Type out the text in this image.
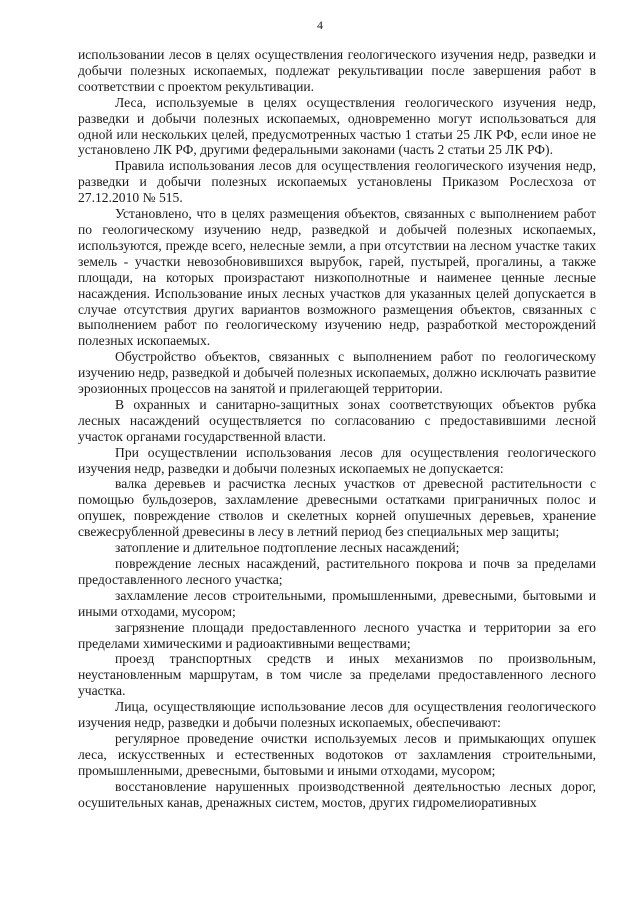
4

использовании лесов в целях осуществления геологического изучения недр, разведки и добычи полезных ископаемых, подлежат рекультивации после завершения работ в соответствии с проектом рекультивации.

Леса, используемые в целях осуществления геологического изучения недр, разведки и добычи полезных ископаемых, одновременно могут использоваться для одной или нескольких целей, предусмотренных частью 1 статьи 25 ЛК РФ, если иное не установлено ЛК РФ, другими федеральными законами (часть 2 статьи 25 ЛК РФ).

Правила использования лесов для осуществления геологического изучения недр, разведки и добычи полезных ископаемых установлены Приказом Рослесхоза от 27.12.2010 № 515.

Установлено, что в целях размещения объектов, связанных с выполнением работ по геологическому изучению недр, разведкой и добычей полезных ископаемых, используются, прежде всего, нелесные земли, а при отсутствии на лесном участке таких земель - участки невозобновившихся вырубок, гарей, пустырей, прогалины, а также площади, на которых произрастают низкополнотные и наименее ценные лесные насаждения. Использование иных лесных участков для указанных целей допускается в случае отсутствия других вариантов возможного размещения объектов, связанных с выполнением работ по геологическому изучению недр, разработкой месторождений полезных ископаемых.

Обустройство объектов, связанных с выполнением работ по геологическому изучению недр, разведкой и добычей полезных ископаемых, должно исключать развитие эрозионных процессов на занятой и прилегающей территории.

В охранных и санитарно-защитных зонах соответствующих объектов рубка лесных насаждений осуществляется по согласованию с предоставившими лесной участок органами государственной власти.

При осуществлении использования лесов для осуществления геологического изучения недр, разведки и добычи полезных ископаемых не допускается:

валка деревьев и расчистка лесных участков от древесной растительности с помощью бульдозеров, захламление древесными остатками приграничных полос и опушек, повреждение стволов и скелетных корней опушечных деревьев, хранение свежесрубленной древесины в лесу в летний период без специальных мер защиты;

затопление и длительное подтопление лесных насаждений;

повреждение лесных насаждений, растительного покрова и почв за пределами предоставленного лесного участка;

захламление лесов строительными, промышленными, древесными, бытовыми и иными отходами, мусором;

загрязнение площади предоставленного лесного участка и территории за его пределами химическими и радиоактивными веществами;

проезд транспортных средств и иных механизмов по произвольным, неустановленным маршрутам, в том числе за пределами предоставленного лесного участка.

Лица, осуществляющие использование лесов для осуществления геологического изучения недр, разведки и добычи полезных ископаемых, обеспечивают:

регулярное проведение очистки используемых лесов и примыкающих опушек леса, искусственных и естественных водотоков от захламления строительными, промышленными, древесными, бытовыми и иными отходами, мусором;

восстановление нарушенных производственной деятельностью лесных дорог, осушительных канав, дренажных систем, мостов, других гидромелиоративных
